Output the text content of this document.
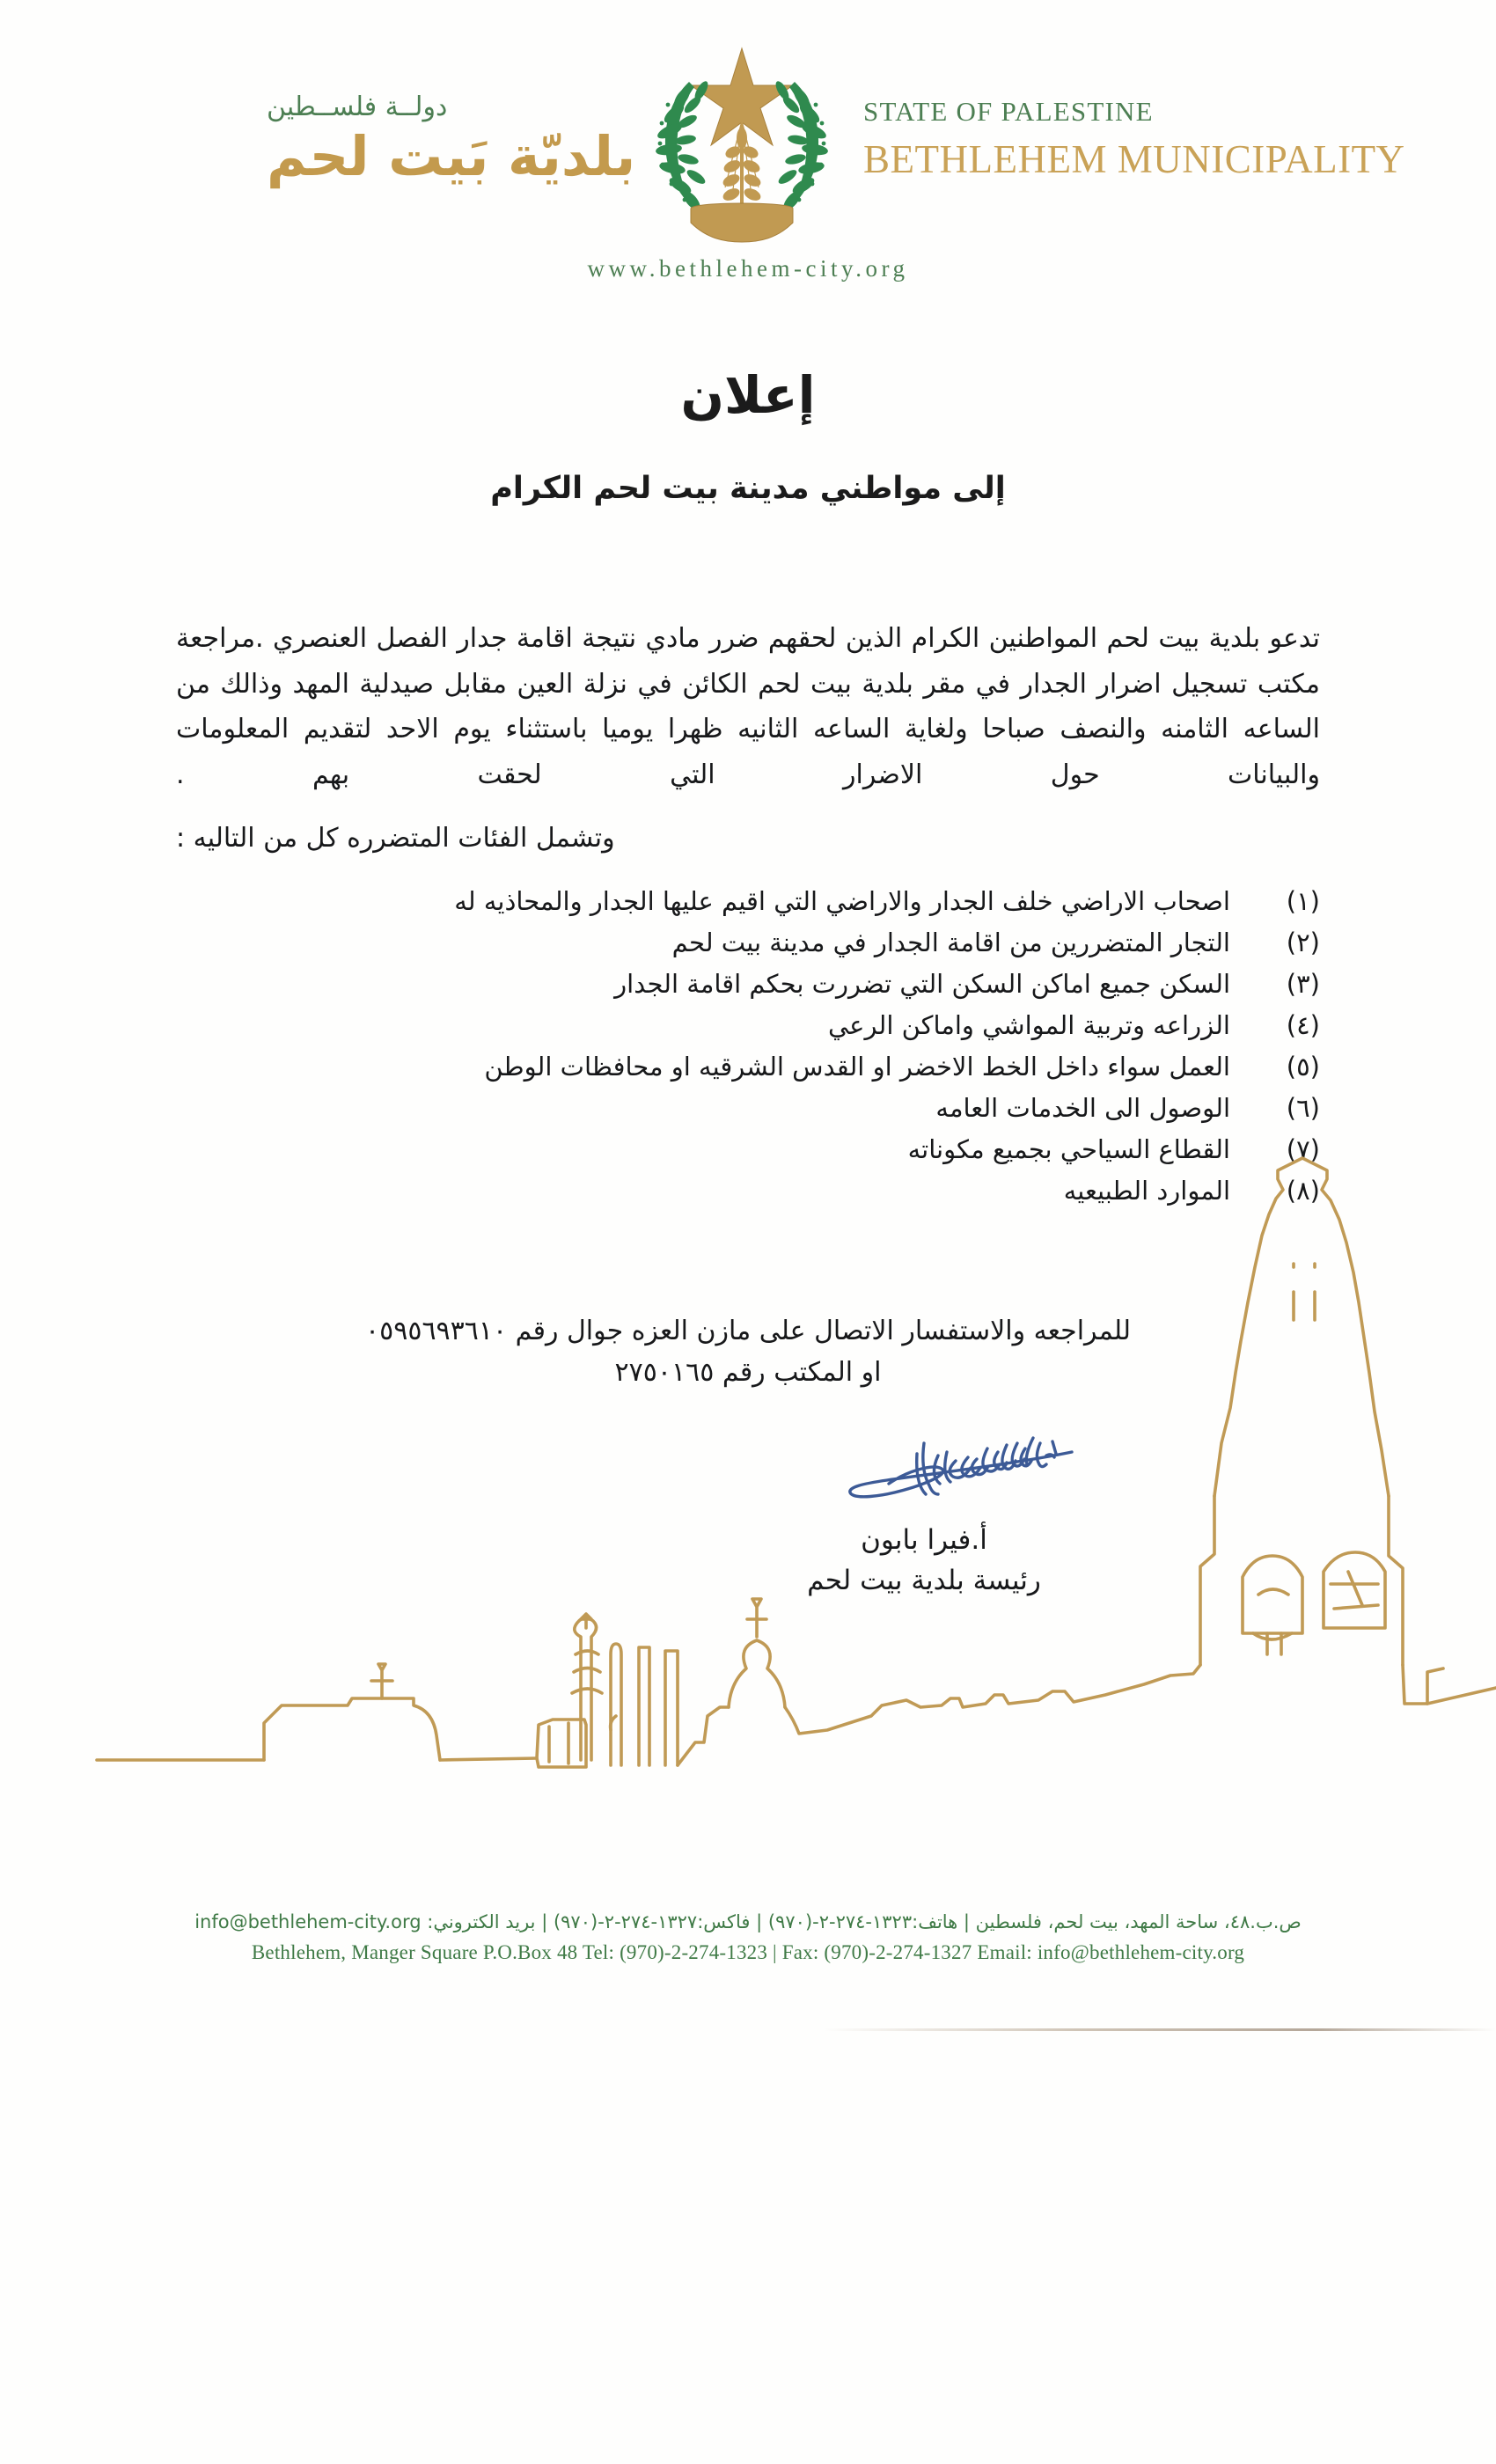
دولــة فلســطين
بلديّة بَيت لحم
STATE OF PALESTINE
BETHLEHEM MUNICIPALITY
www.bethlehem-city.org
إعلان
إلى مواطني مدينة بيت لحم الكرام

تدعو بلدية بيت لحم المواطنين الكرام الذين لحقهم ضرر مادي نتيجة اقامة جدار الفصل العنصري .مراجعة مكتب تسجيل اضرار الجدار في مقر بلدية بيت لحم الكائن في نزلة العين مقابل صيدلية المهد وذالك من الساعه الثامنه والنصف صباحا ولغاية الساعه الثانيه ظهرا يوميا باستثناء يوم الاحد لتقديم المعلومات والبيانات حول الاضرار التي لحقت بهم .

وتشمل الفئات المتضرره كل من التاليه :
(١)
اصحاب الاراضي خلف الجدار والاراضي التي اقيم عليها الجدار والمحاذيه له
(٢)
التجار المتضررين من اقامة الجدار في مدينة بيت لحم
(٣)
السكن جميع اماكن السكن التي تضررت بحكم اقامة الجدار
(٤)
الزراعه وتربية المواشي واماكن الرعي
(٥)
العمل سواء داخل الخط الاخضر او القدس الشرقيه او محافظات الوطن
(٦)
الوصول الى الخدمات العامه
(٧)
القطاع السياحي بجميع مكوناته
(٨)
الموارد الطبيعيه
للمراجعه والاستفسار الاتصال على مازن العزه جوال رقم ٠٥٩٥٦٩٣٦١٠
او المكتب رقم ٢٧٥٠١٦٥
أ.فيرا بابون
رئيسة بلدية بيت لحم
ص.ب.٤٨، ساحة المهد، بيت لحم، فلسطين | هاتف:١٣٢٣-٢٧٤-٢-(٩٧٠) | فاكس:١٣٢٧-٢٧٤-٢-(٩٧٠) | بريد الكتروني: info@bethlehem-city.org
Bethlehem, Manger Square P.O.Box 48 Tel: (970)-2-274-1323 | Fax: (970)-2-274-1327 Email: info@bethlehem-city.org
